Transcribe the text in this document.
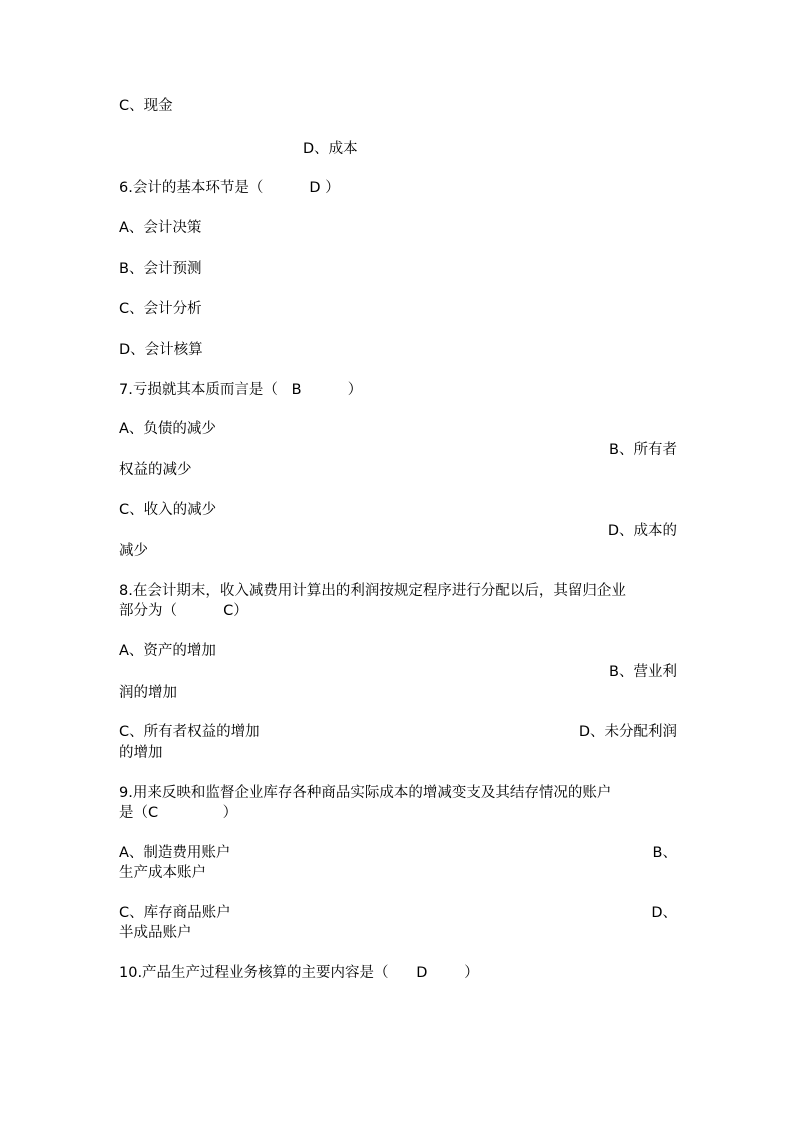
C、现金
D、成本
6.会计的基本环节是（          D ）
A、会计决策
B、会计预测
C、会计分析
D、会计核算
7.亏损就其本质而言是（   B          ）
A、负债的减少
B、所有者
权益的减少
C、收入的减少
D、成本的
减少
8.在会计期末，收入减费用计算出的利润按规定程序进行分配以后，其留归企业
部分为（          C）
A、资产的增加
B、营业利
润的增加
C、所有者权益的增加	D、未分配利润
的增加
9.用来反映和监督企业库存各种商品实际成本的增减变支及其结存情况的账户
是（C              ）
A、制造费用账户	B、
生产成本账户
C、库存商品账户	D、
半成品账户
10.产品生产过程业务核算的主要内容是（      D        ）
